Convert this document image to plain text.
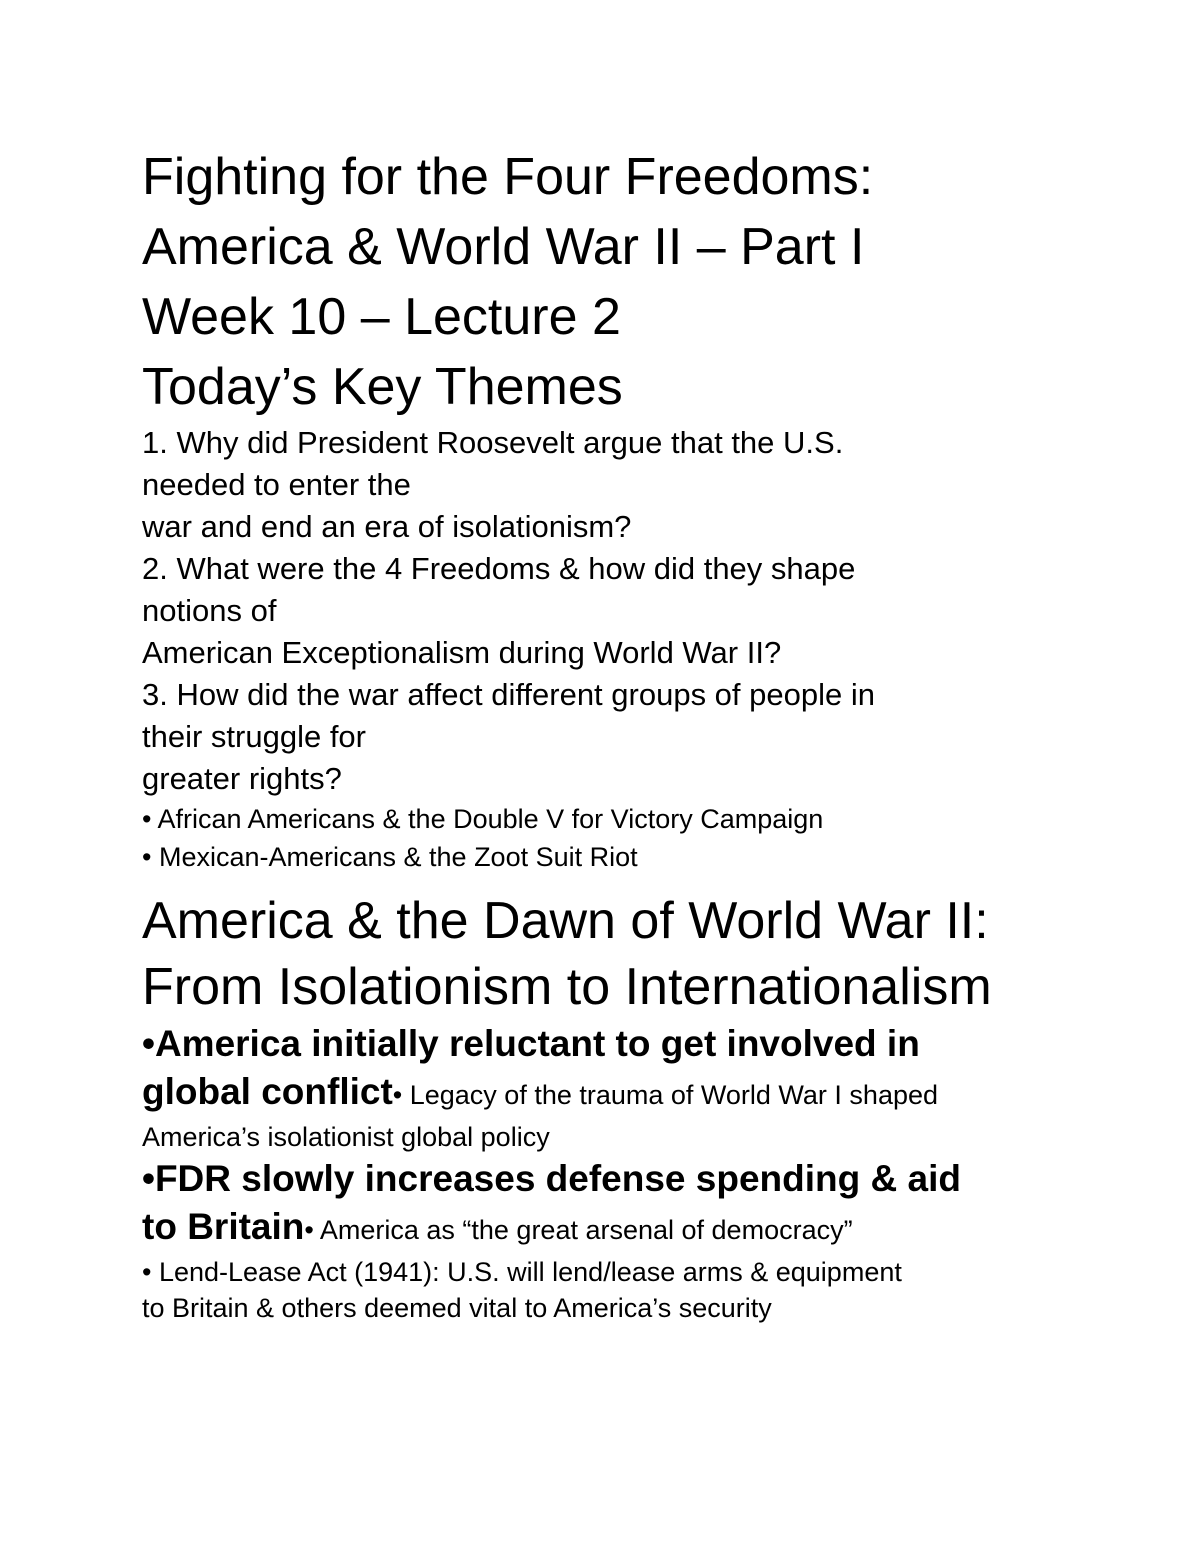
Fighting for the Four Freedoms:
America & World War II – Part I
Week 10 – Lecture 2
Today’s Key Themes

1. Why did President Roosevelt argue that the U.S.

needed to enter the

war and end an era of isolationism?

2. What were the 4 Freedoms & how did they shape

notions of

American Exceptionalism during World War II?

3. How did the war affect different groups of people in

their struggle for

greater rights?

• African Americans & the Double V for Victory Campaign

• Mexican-Americans & the Zoot Suit Riot

America & the Dawn of World War II:
From Isolationism to Internationalism

•America initially reluctant to get involved in

global conflict• Legacy of the trauma of World War I shaped

America’s isolationist global policy

•FDR slowly increases defense spending & aid

to Britain• America as “the great arsenal of democracy”

• Lend-Lease Act (1941): U.S. will lend/lease arms & equipment

to Britain & others deemed vital to America’s security
